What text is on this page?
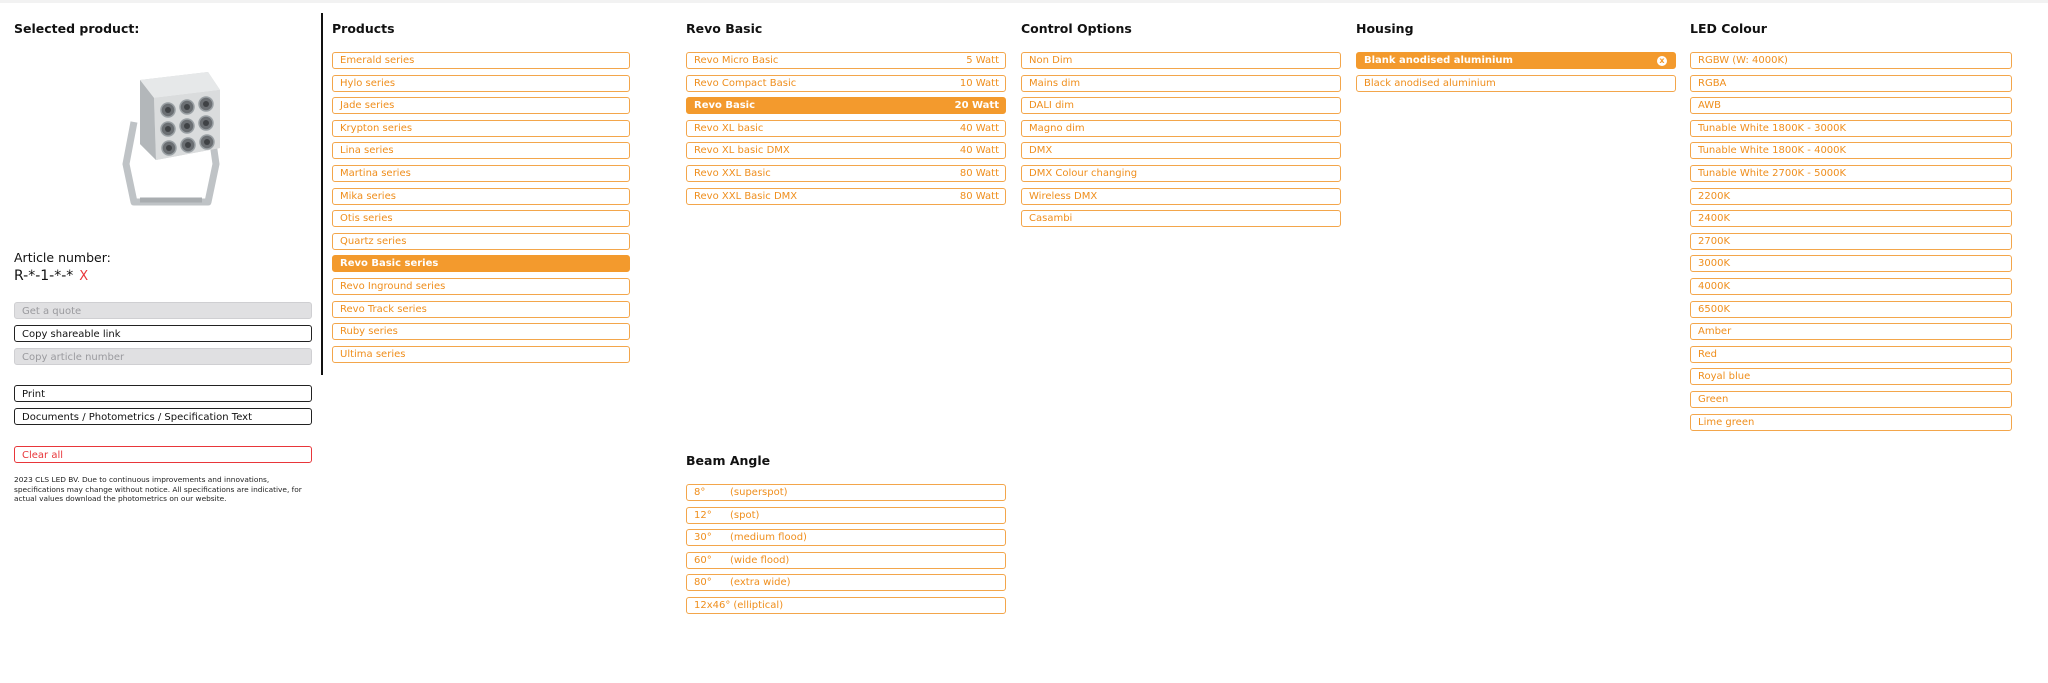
Selected product:
Article number:
R-*-1-*-* X
Get a quote
Copy shareable link
Copy article number
Print
Documents / Photometrics / Specification Text
Clear all
2023 CLS LED BV. Due to continuous improvements and innovations, specifications may change without notice. All specifications are indicative, for actual values download the photometrics on our website.
Products
Emerald series
Hylo series
Jade series
Krypton series
Lina series
Martina series
Mika series
Otis series
Quartz series
Revo Basic series
Revo Inground series
Revo Track series
Ruby series
Ultima series
Revo Basic
Revo Micro Basic	5 Watt
Revo Compact Basic	10 Watt
Revo Basic	20 Watt
Revo XL basic	40 Watt
Revo XL basic DMX	40 Watt
Revo XXL Basic	80 Watt
Revo XXL Basic DMX	80 Watt
Control Options
Non Dim
Mains dim
DALI dim
Magno dim
DMX
DMX Colour changing
Wireless DMX
Casambi
Housing
Blank anodised aluminium	x
Black anodised aluminium
LED Colour
RGBW (W: 4000K)
RGBA
AWB
Tunable White 1800K - 3000K
Tunable White 1800K - 4000K
Tunable White 2700K - 5000K
2200K
2400K
2700K
3000K
4000K
6500K
Amber
Red
Royal blue
Green
Lime green
Beam Angle
8°	(superspot)
12°	(spot)
30°	(medium flood)
60°	(wide flood)
80°	(extra wide)
12x46° (elliptical)
